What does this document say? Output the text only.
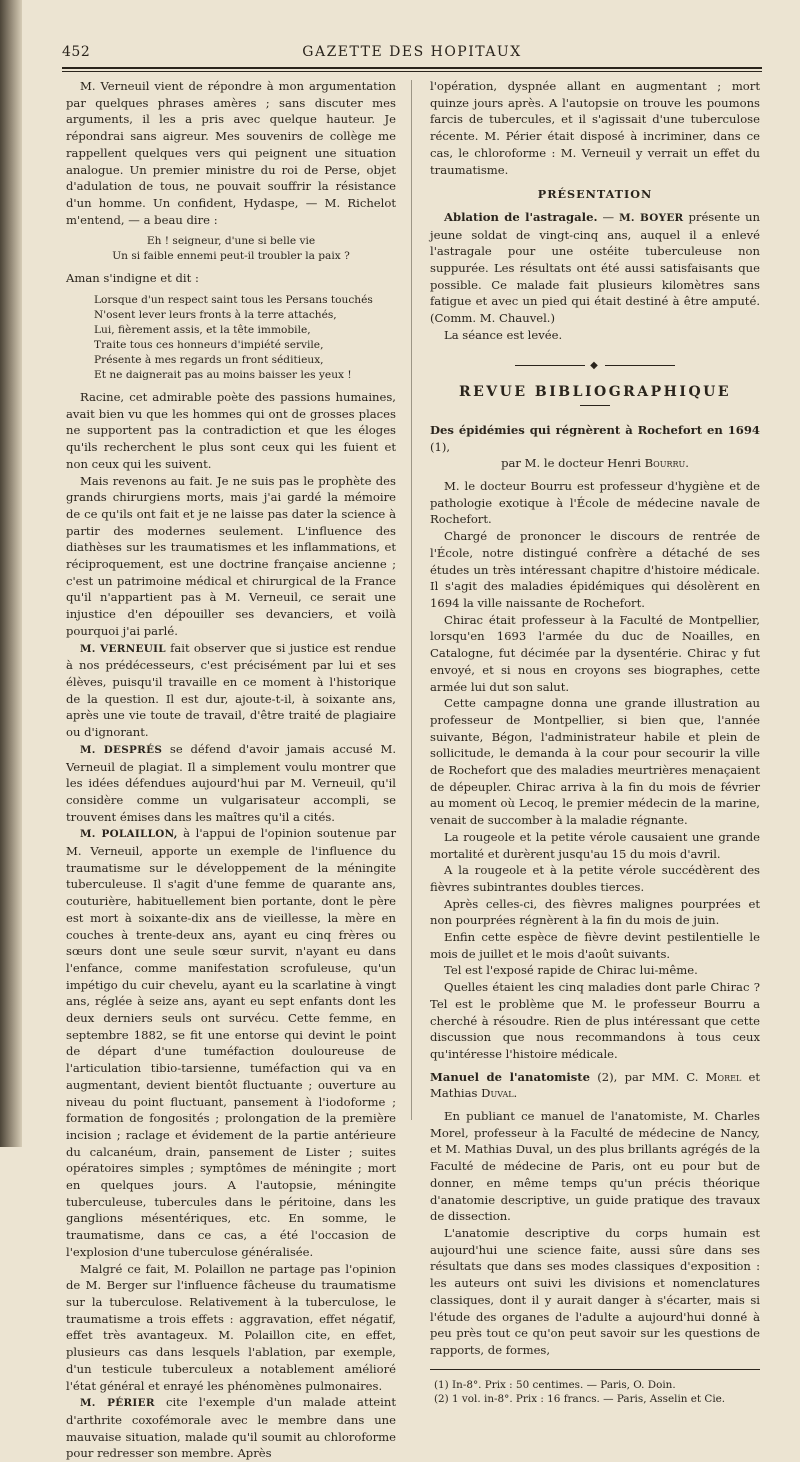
452	GAZETTE DES HOPITAUX

M. Verneuil vient de répondre à mon argumentation par quelques phrases amères ; sans discuter mes arguments, il les a pris avec quelque hauteur. Je répondrai sans aigreur. Mes souvenirs de collège me rappellent quelques vers qui peignent une situation analogue. Un premier ministre du roi de Perse, objet d'adulation de tous, ne pouvait souffrir la résistance d'un homme. Un confident, Hydaspe, — M. Richelot m'entend, — a beau dire :

Eh ! seigneur, d'une si belle vie
Un si faible ennemi peut-il troubler la paix ?

Aman s'indigne et dit :

Lorsque d'un respect saint tous les Persans touchés
N'osent lever leurs fronts à la terre attachés,
Lui, fièrement assis, et la tête immobile,
Traite tous ces honneurs d'impiété servile,
Présente à mes regards un front séditieux,
Et ne daignerait pas au moins baisser les yeux !

Racine, cet admirable poète des passions humaines, avait bien vu que les hommes qui ont de grosses places ne supportent pas la contradiction et que les éloges qu'ils recherchent le plus sont ceux qui les fuient et non ceux qui les suivent.

Mais revenons au fait. Je ne suis pas le prophète des grands chirurgiens morts, mais j'ai gardé la mémoire de ce qu'ils ont fait et je ne laisse pas dater la science à partir des modernes seulement. L'influence des diathèses sur les traumatismes et les inflammations, et réciproquement, est une doctrine française ancienne ; c'est un patrimoine médical et chirurgical de la France qu'il n'appartient pas à M. Verneuil, ce serait une injustice d'en dépouiller ses devanciers, et voilà pourquoi j'ai parlé.

M. VERNEUIL fait observer que si justice est rendue à nos prédécesseurs, c'est précisément par lui et ses élèves, puisqu'il travaille en ce moment à l'historique de la question. Il est dur, ajoute-t-il, à soixante ans, après une vie toute de travail, d'être traité de plagiaire ou d'ignorant.

M. DESPRÉS se défend d'avoir jamais accusé M. Verneuil de plagiat. Il a simplement voulu montrer que les idées défendues aujourd'hui par M. Verneuil, qu'il considère comme un vulgarisateur accompli, se trouvent émises dans les maîtres qu'il a cités.

M. POLAILLON, à l'appui de l'opinion soutenue par M. Verneuil, apporte un exemple de l'influence du traumatisme sur le développement de la méningite tuberculeuse. Il s'agit d'une femme de quarante ans, couturière, habituellement bien portante, dont le père est mort à soixante-dix ans de vieillesse, la mère en couches à trente-deux ans, ayant eu cinq frères ou sœurs dont une seule sœur survit, n'ayant eu dans l'enfance, comme manifestation scrofuleuse, qu'un impétigo du cuir chevelu, ayant eu la scarlatine à vingt ans, réglée à seize ans, ayant eu sept enfants dont les deux derniers seuls ont survécu. Cette femme, en septembre 1882, se fit une entorse qui devint le point de départ d'une tuméfaction douloureuse de l'articulation tibio-tarsienne, tuméfaction qui va en augmentant, devient bientôt fluctuante ; ouverture au niveau du point fluctuant, pansement à l'iodoforme ; formation de fongosités ; prolongation de la première incision ; raclage et évidement de la partie antérieure du calcanéum, drain, pansement de Lister ; suites opératoires simples ; symptômes de méningite ; mort en quelques jours. A l'autopsie, méningite tuberculeuse, tubercules dans le péritoine, dans les ganglions mésentériques, etc. En somme, le traumatisme, dans ce cas, a été l'occasion de l'explosion d'une tuberculose généralisée.

Malgré ce fait, M. Polaillon ne partage pas l'opinion de M. Berger sur l'influence fâcheuse du traumatisme sur la tuberculose. Relativement à la tuberculose, le traumatisme a trois effets : aggravation, effet négatif, effet très avantageux. M. Polaillon cite, en effet, plusieurs cas dans lesquels l'ablation, par exemple, d'un testicule tuberculeux a notablement amélioré l'état général et enrayé les phénomènes pulmonaires.

M. PÉRIER cite l'exemple d'un malade atteint d'arthrite coxofémorale avec le membre dans une mauvaise situation, malade qu'il soumit au chloroforme pour redresser son membre. Après

l'opération, dyspnée allant en augmentant ; mort quinze jours après. A l'autopsie on trouve les poumons farcis de tubercules, et il s'agissait d'une tuberculose récente. M. Périer était disposé à incriminer, dans ce cas, le chloroforme : M. Verneuil y verrait un effet du traumatisme.

PRÉSENTATION

Ablation de l'astragale. — M. BOYER présente un jeune soldat de vingt-cinq ans, auquel il a enlevé l'astragale pour une ostéite tuberculeuse non suppurée. Les résultats ont été aussi satisfaisants que possible. Ce malade fait plusieurs kilomètres sans fatigue et avec un pied qui était destiné à être amputé. (Comm. M. Chauvel.)

La séance est levée.

◆
REVUE BIBLIOGRAPHIQUE

Des épidémies qui régnèrent à Rochefort en 1694 (1),

par M. le docteur Henri Bourru.

M. le docteur Bourru est professeur d'hygiène et de pathologie exotique à l'École de médecine navale de Rochefort.

Chargé de prononcer le discours de rentrée de l'École, notre distingué confrère a détaché de ses études un très intéressant chapitre d'histoire médicale. Il s'agit des maladies épidémiques qui désolèrent en 1694 la ville naissante de Rochefort.

Chirac était professeur à la Faculté de Montpellier, lorsqu'en 1693 l'armée du duc de Noailles, en Catalogne, fut décimée par la dysentérie. Chirac y fut envoyé, et si nous en croyons ses biographes, cette armée lui dut son salut.

Cette campagne donna une grande illustration au professeur de Montpellier, si bien que, l'année suivante, Bégon, l'administrateur habile et plein de sollicitude, le demanda à la cour pour secourir la ville de Rochefort que des maladies meurtrières menaçaient de dépeupler. Chirac arriva à la fin du mois de février au moment où Lecoq, le premier médecin de la marine, venait de succomber à la maladie régnante.

La rougeole et la petite vérole causaient une grande mortalité et durèrent jusqu'au 15 du mois d'avril.

A la rougeole et à la petite vérole succédèrent des fièvres subintrantes doubles tierces.

Après celles-ci, des fièvres malignes pourprées et non pourprées régnèrent à la fin du mois de juin.

Enfin cette espèce de fièvre devint pestilentielle le mois de juillet et le mois d'août suivants.

Tel est l'exposé rapide de Chirac lui-même.

Quelles étaient les cinq maladies dont parle Chirac ? Tel est le problème que M. le professeur Bourru a cherché à résoudre. Rien de plus intéressant que cette discussion que nous recommandons à tous ceux qu'intéresse l'histoire médicale.

Manuel de l'anatomiste (2), par MM. C. Morel et Mathias Duval.

En publiant ce manuel de l'anatomiste, M. Charles Morel, professeur à la Faculté de médecine de Nancy, et M. Mathias Duval, un des plus brillants agrégés de la Faculté de médecine de Paris, ont eu pour but de donner, en même temps qu'un précis théorique d'anatomie descriptive, un guide pratique des travaux de dissection.

L'anatomie descriptive du corps humain est aujourd'hui une science faite, aussi sûre dans ses résultats que dans ses modes classiques d'exposition : les auteurs ont suivi les divisions et nomenclatures classiques, dont il y aurait danger à s'écarter, mais si l'étude des organes de l'adulte a aujourd'hui donné à peu près tout ce qu'on peut savoir sur les questions de rapports, de formes,

(1) In-8°. Prix : 50 centimes. — Paris, O. Doin.

(2) 1 vol. in-8°. Prix : 16 francs. — Paris, Asselin et Cie.
